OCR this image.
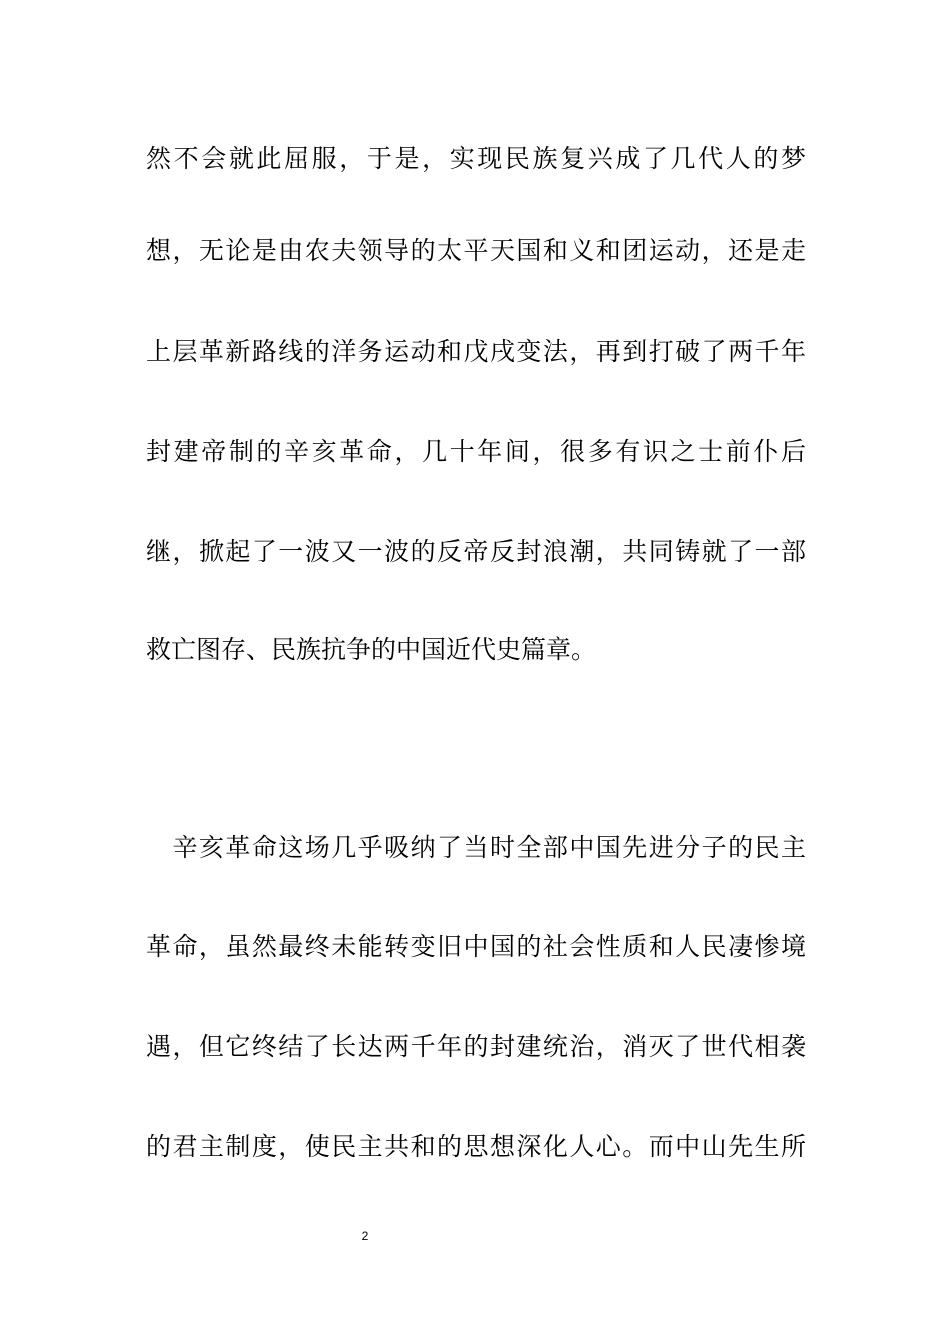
然不会就此屈服，于是，实现民族复兴成了几代人的梦
想，无论是由农夫领导的太平天国和义和团运动，还是走
上层革新路线的洋务运动和戊戌变法，再到打破了两千年
封建帝制的辛亥革命，几十年间，很多有识之士前仆后
继，掀起了一波又一波的反帝反封浪潮，共同铸就了一部
救亡图存、民族抗争的中国近代史篇章。
　辛亥革命这场几乎吸纳了当时全部中国先进分子的民主
革命，虽然最终未能转变旧中国的社会性质和人民凄惨境
遇，但它终结了长达两千年的封建统治，消灭了世代相袭
的君主制度，使民主共和的思想深化人心。而中山先生所
2
